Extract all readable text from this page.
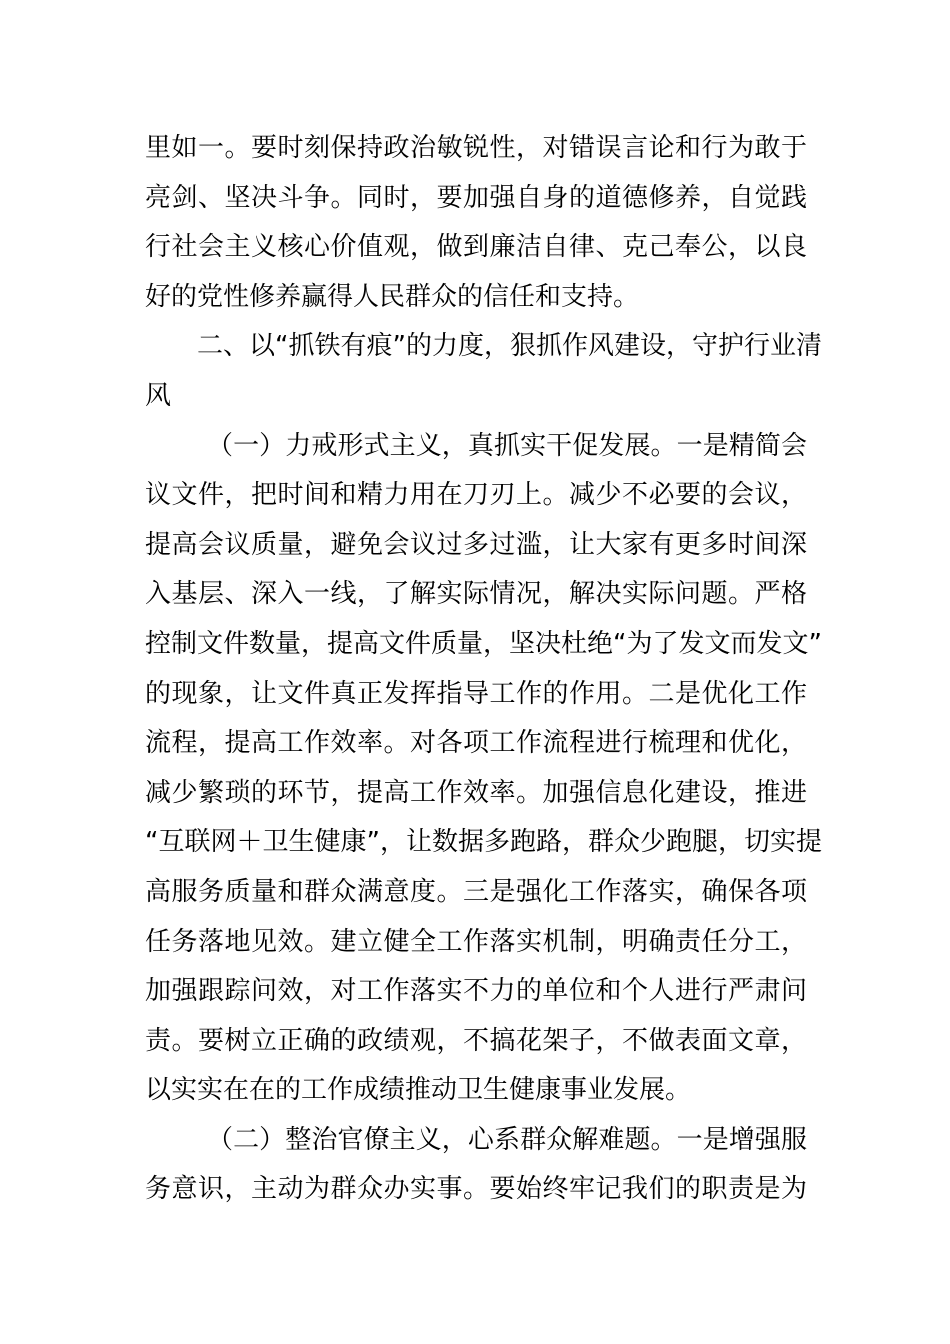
里如一。要时刻保持政治敏锐性，对错误言论和行为敢于
亮剑、坚决斗争。同时，要加强自身的道德修养，自觉践
行社会主义核心价值观，做到廉洁自律、克己奉公，以良
好的党性修养赢得人民群众的信任和支持。
二、以“抓铁有痕”的力度，狠抓作风建设，守护行业清
风
（一）力戒形式主义，真抓实干促发展。一是精简会
议文件，把时间和精力用在刀刃上。减少不必要的会议，
提高会议质量，避免会议过多过滥，让大家有更多时间深
入基层、深入一线，了解实际情况，解决实际问题。严格
控制文件数量，提高文件质量，坚决杜绝“为了发文而发文”
的现象，让文件真正发挥指导工作的作用。二是优化工作
流程，提高工作效率。对各项工作流程进行梳理和优化，
减少繁琐的环节，提高工作效率。加强信息化建设，推进
“互联网＋卫生健康”，让数据多跑路，群众少跑腿，切实提
高服务质量和群众满意度。三是强化工作落实，确保各项
任务落地见效。建立健全工作落实机制，明确责任分工，
加强跟踪问效，对工作落实不力的单位和个人进行严肃问
责。要树立正确的政绩观，不搞花架子，不做表面文章，
以实实在在的工作成绩推动卫生健康事业发展。
（二）整治官僚主义，心系群众解难题。一是增强服
务意识，主动为群众办实事。要始终牢记我们的职责是为
